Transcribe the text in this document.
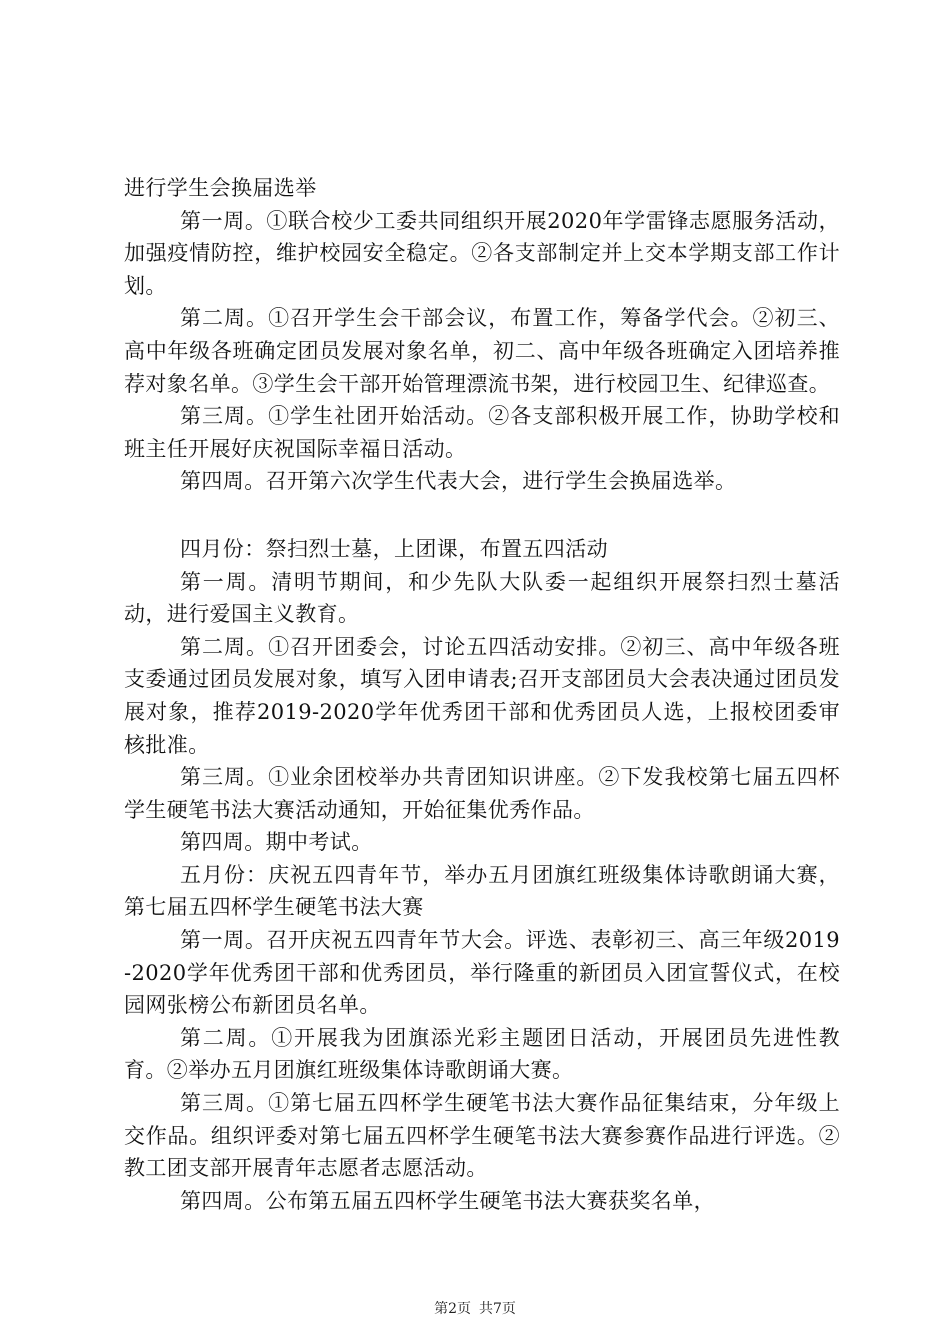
进行学生会换届选举

第一周。①联合校少工委共同组织开展2020年学雷锋志愿服务活动，加强疫情防控，维护校园安全稳定。②各支部制定并上交本学期支部工作计划。

第二周。①召开学生会干部会议，布置工作，筹备学代会。②初三、高中年级各班确定团员发展对象名单，初二、高中年级各班确定入团培养推荐对象名单。③学生会干部开始管理漂流书架，进行校园卫生、纪律巡查。

第三周。①学生社团开始活动。②各支部积极开展工作，协助学校和班主任开展好庆祝国际幸福日活动。

第四周。召开第六次学生代表大会，进行学生会换届选举。

四月份：祭扫烈士墓，上团课，布置五四活动

第一周。清明节期间，和少先队大队委一起组织开展祭扫烈士墓活动，进行爱国主义教育。

第二周。①召开团委会，讨论五四活动安排。②初三、高中年级各班支委通过团员发展对象，填写入团申请表;召开支部团员大会表决通过团员发展对象，推荐2019-2020学年优秀团干部和优秀团员人选，上报校团委审核批准。

第三周。①业余团校举办共青团知识讲座。②下发我校第七届五四杯学生硬笔书法大赛活动通知，开始征集优秀作品。

第四周。期中考试。

五月份：庆祝五四青年节，举办五月团旗红班级集体诗歌朗诵大赛，第七届五四杯学生硬笔书法大赛

第一周。召开庆祝五四青年节大会。评选、表彰初三、高三年级2019-2020学年优秀团干部和优秀团员，举行隆重的新团员入团宣誓仪式，在校园网张榜公布新团员名单。

第二周。①开展我为团旗添光彩主题团日活动，开展团员先进性教育。②举办五月团旗红班级集体诗歌朗诵大赛。

第三周。①第七届五四杯学生硬笔书法大赛作品征集结束，分年级上交作品。组织评委对第七届五四杯学生硬笔书法大赛参赛作品进行评选。②教工团支部开展青年志愿者志愿活动。

第四周。公布第五届五四杯学生硬笔书法大赛获奖名单，

第2页 共7页
